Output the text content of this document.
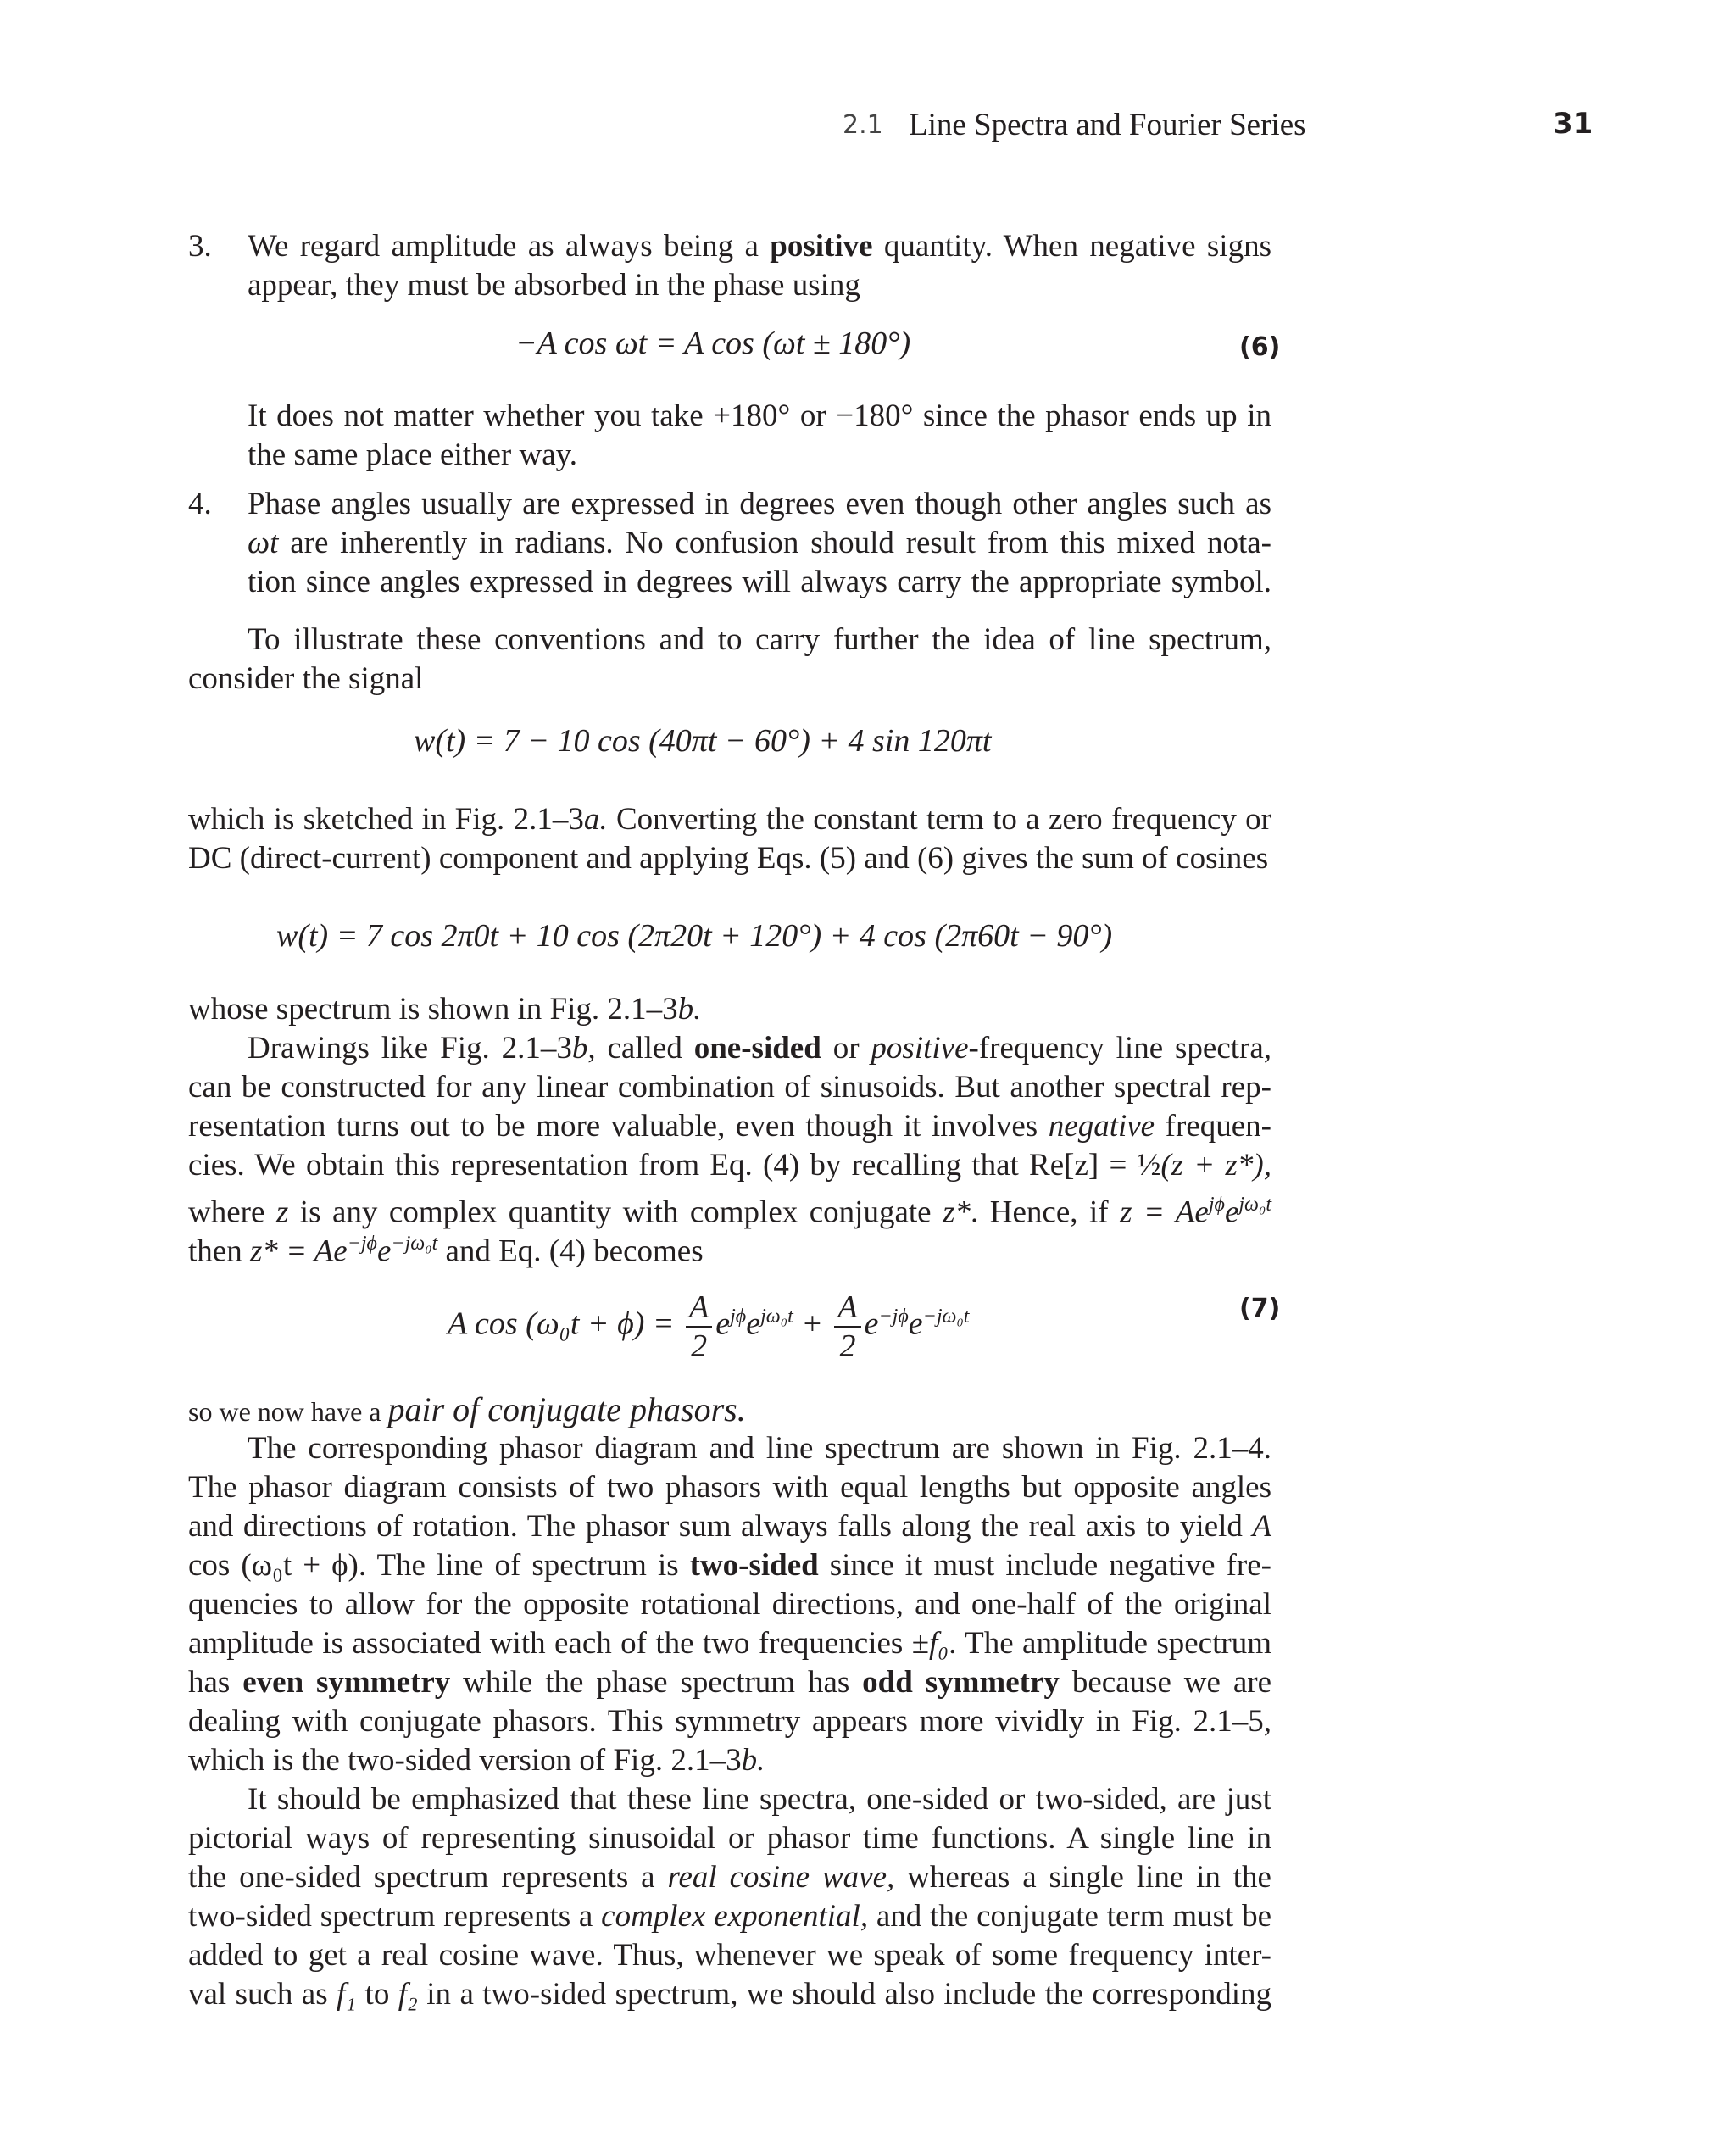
2.1 Line Spectra and Fourier Series	31
3. We regard amplitude as always being a positive quantity. When negative signs
appear, they must be absorbed in the phase using
−A cos ωt = A cos (ωt ± 180°)	(6)
It does not matter whether you take +180° or −180° since the phasor ends up in
the same place either way.
4. Phase angles usually are expressed in degrees even though other angles such as
ωt are inherently in radians. No confusion should result from this mixed nota-
tion since angles expressed in degrees will always carry the appropriate symbol.
To illustrate these conventions and to carry further the idea of line spectrum,
consider the signal
w(t) = 7 − 10 cos (40πt − 60°) + 4 sin 120πt
which is sketched in Fig. 2.1–3a. Converting the constant term to a zero frequency or
DC (direct-current) component and applying Eqs. (5) and (6) gives the sum of cosines
w(t) = 7 cos 2π0t + 10 cos (2π20t + 120°) + 4 cos (2π60t − 90°)
whose spectrum is shown in Fig. 2.1–3b.
Drawings like Fig. 2.1–3b, called one-sided or positive-frequency line spectra,
can be constructed for any linear combination of sinusoids. But another spectral rep-
resentation turns out to be more valuable, even though it involves negative frequen-
cies. We obtain this representation from Eq. (4) by recalling that Re[z] = ½(z + z*),
where z is any complex quantity with complex conjugate z*. Hence, if $z = Ae^{j\phi}e^{j\omega_0t}$
then $z* = Ae^{-j\phi}e^{-j\omega_0t}$ and Eq. (4) becomes
A $\cos (\omega_0t + \phi) = \frac{A}{2} e^{j\phi}e^{j\omega_0t} + \frac{A}{2} e^{-j\phi}e^{-j\omega_0t}$	(7)
so we now have a pair of conjugate phasors.
The corresponding phasor diagram and line spectrum are shown in Fig. 2.1–4.
The phasor diagram consists of two phasors with equal lengths but opposite angles
and directions of rotation. The phasor sum always falls along the real axis to yield A
cos (ω₀t + ϕ). The line of spectrum is two-sided since it must include negative fre-
quencies to allow for the opposite rotational directions, and one-half of the original
amplitude is associated with each of the two frequencies ±f₀. The amplitude spectrum
has even symmetry while the phase spectrum has odd symmetry because we are
dealing with conjugate phasors. This symmetry appears more vividly in Fig. 2.1–5,
which is the two-sided version of Fig. 2.1–3b.
It should be emphasized that these line spectra, one-sided or two-sided, are just
pictorial ways of representing sinusoidal or phasor time functions. A single line in
the one-sided spectrum represents a real cosine wave, whereas a single line in the
two-sided spectrum represents a complex exponential, and the conjugate term must be
added to get a real cosine wave. Thus, whenever we speak of some frequency inter-
val such as f₁ to f₂ in a two-sided spectrum, we should also include the corresponding
